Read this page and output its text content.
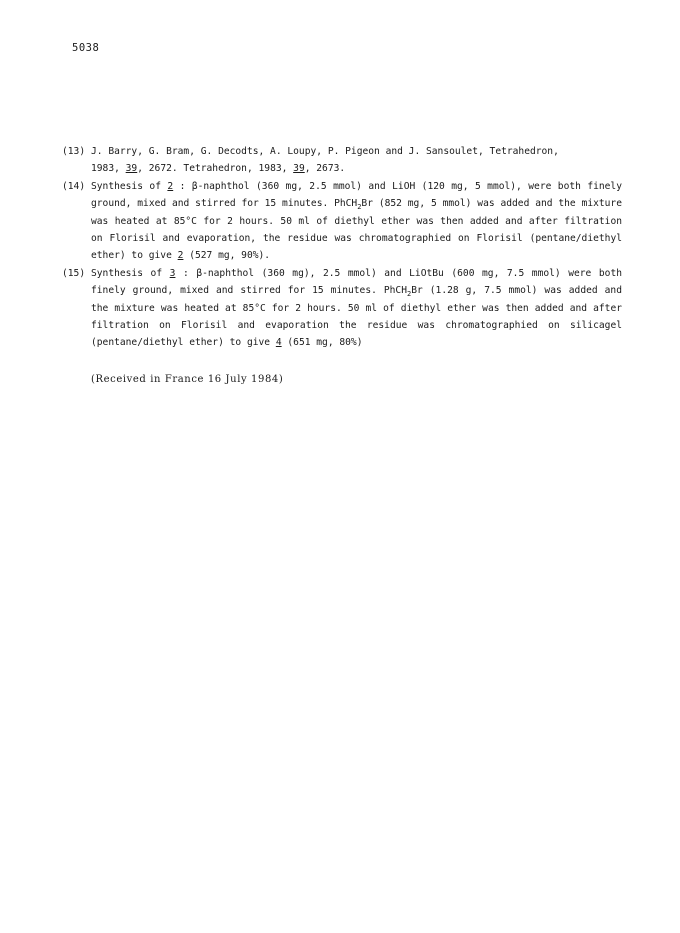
5038
(13) J. Barry, G. Bram, G. Decodts, A. Loupy, P. Pigeon and J. Sansoulet, Tetrahedron,
1983, 39, 2672. Tetrahedron, 1983, 39, 2673.
(14) Synthesis of 2 : β-naphthol (360 mg, 2.5 mmol) and LiOH (120 mg, 5 mmol), were both finely ground, mixed and stirred for 15 minutes. PhCH$_2$Br (852 mg, 5 mmol) was added and the mixture was heated at 85°C for 2 hours. 50 ml of diethyl ether was then added and after filtration on Florisil and evaporation, the residue was chromatographied on Florisil (pentane/diethyl ether) to give 2 (527 mg, 90%).
(15) Synthesis of 3 : β-naphthol (360 mg), 2.5 mmol) and LiOtBu (600 mg, 7.5 mmol) were both finely ground, mixed and stirred for 15 minutes. PhCH$_2$Br (1.28 g, 7.5 mmol) was added and the mixture was heated at 85°C for 2 hours. 50 ml of diethyl ether was then added and after filtration on Florisil and evaporation the residue was chromatographied on silicagel (pentane/diethyl ether) to give 4 (651 mg, 80%)
(Received in France 16 July 1984)
